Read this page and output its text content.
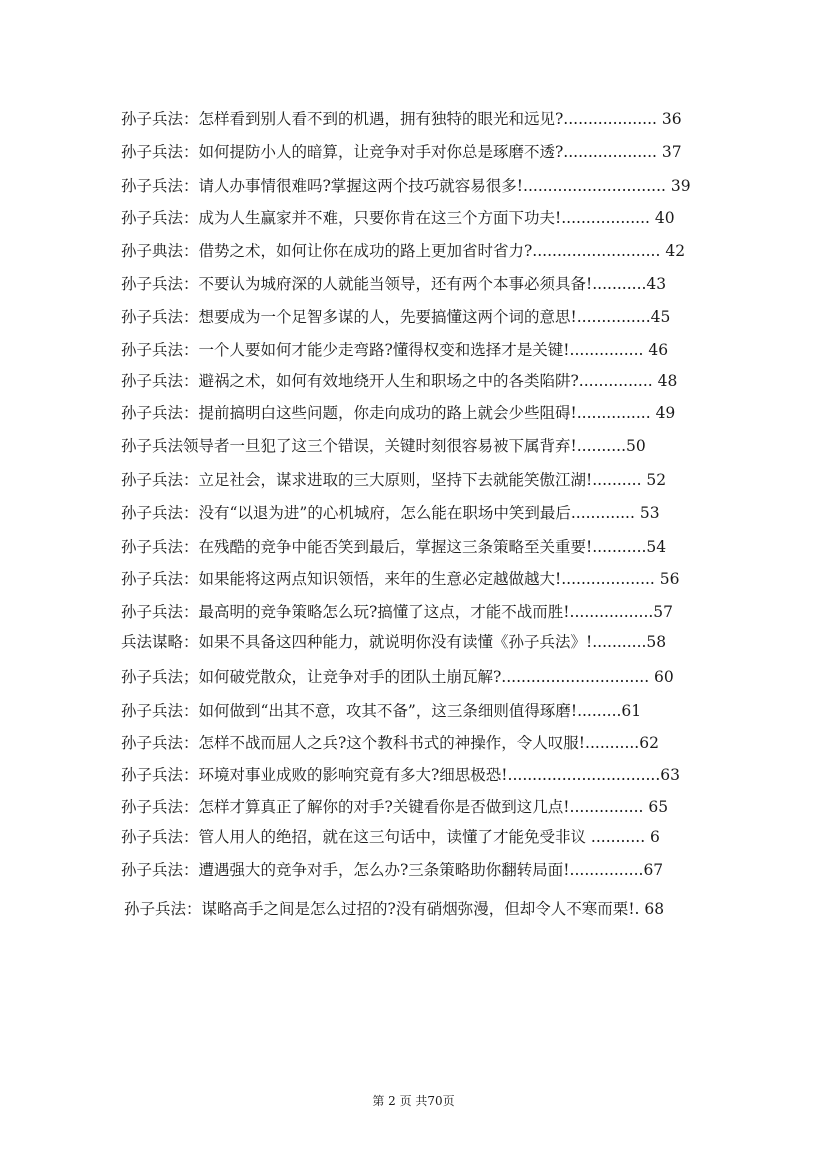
孙子兵法：怎样看到别人看不到的机遇，拥有独特的眼光和远见?................... 36
孙子兵法：如何提防小人的暗算，让竞争对手对你总是琢磨不透?................... 37
孙子兵法：请人办事情很难吗?掌握这两个技巧就容易很多!............................. 39
孙子兵法：成为人生赢家并不难，只要你肯在这三个方面下功夫!.................. 40
孙子典法：借势之术，如何让你在成功的路上更加省时省力?.......................... 42
孙子兵法：不要认为城府深的人就能当领导，还有两个本事必须具备!...........43
孙子兵法：想要成为一个足智多谋的人，先要搞懂这两个词的意思!...............45
孙子兵法：一个人要如何才能少走弯路?懂得权变和选择才是关键!............... 46
孙子兵法：避祸之术，如何有效地绕开人生和职场之中的各类陷阱?............... 48
孙子兵法：提前搞明白这些问题，你走向成功的路上就会少些阻碍!............... 49
孙子兵法领导者一旦犯了这三个错误，关键时刻很容易被下属背弃!..........50
孙子兵法：立足社会，谋求进取的三大原则，坚持下去就能笑傲江湖!.......... 52
孙子兵法：没有“以退为进”的心机城府，怎么能在职场中笑到最后............. 53
孙子兵法：在残酷的竞争中能否笑到最后，掌握这三条策略至关重要!...........54
孙子兵法：如果能将这两点知识领悟，来年的生意必定越做越大!................... 56
孙子兵法：最高明的竞争策略怎么玩?搞懂了这点，才能不战而胜!.................57
兵法谋略：如果不具备这四种能力，就说明你没有读懂《孙子兵法》!...........58
孙子兵法；如何破党散众，让竞争对手的团队土崩瓦解?.............................. 60
孙子兵法：如何做到“出其不意，攻其不备”，这三条细则值得琢磨!.........61
孙子兵法：怎样不战而屈人之兵?这个教科书式的神操作，令人叹服!...........62
孙子兵法：环境对事业成败的影响究竟有多大?细思极恐!...............................63
孙子兵法：怎样才算真正了解你的对手?关键看你是否做到这几点!............... 65
孙子兵法：管人用人的绝招，就在这三句话中，读懂了才能免受非议 ........... 6
孙子兵法：遭遇强大的竞争对手，怎么办?三条策略助你翻转局面!...............67
孙子兵法：谋略高手之间是怎么过招的?没有硝烟弥漫，但却令人不寒而栗!. 68
第 2 页 共70页
